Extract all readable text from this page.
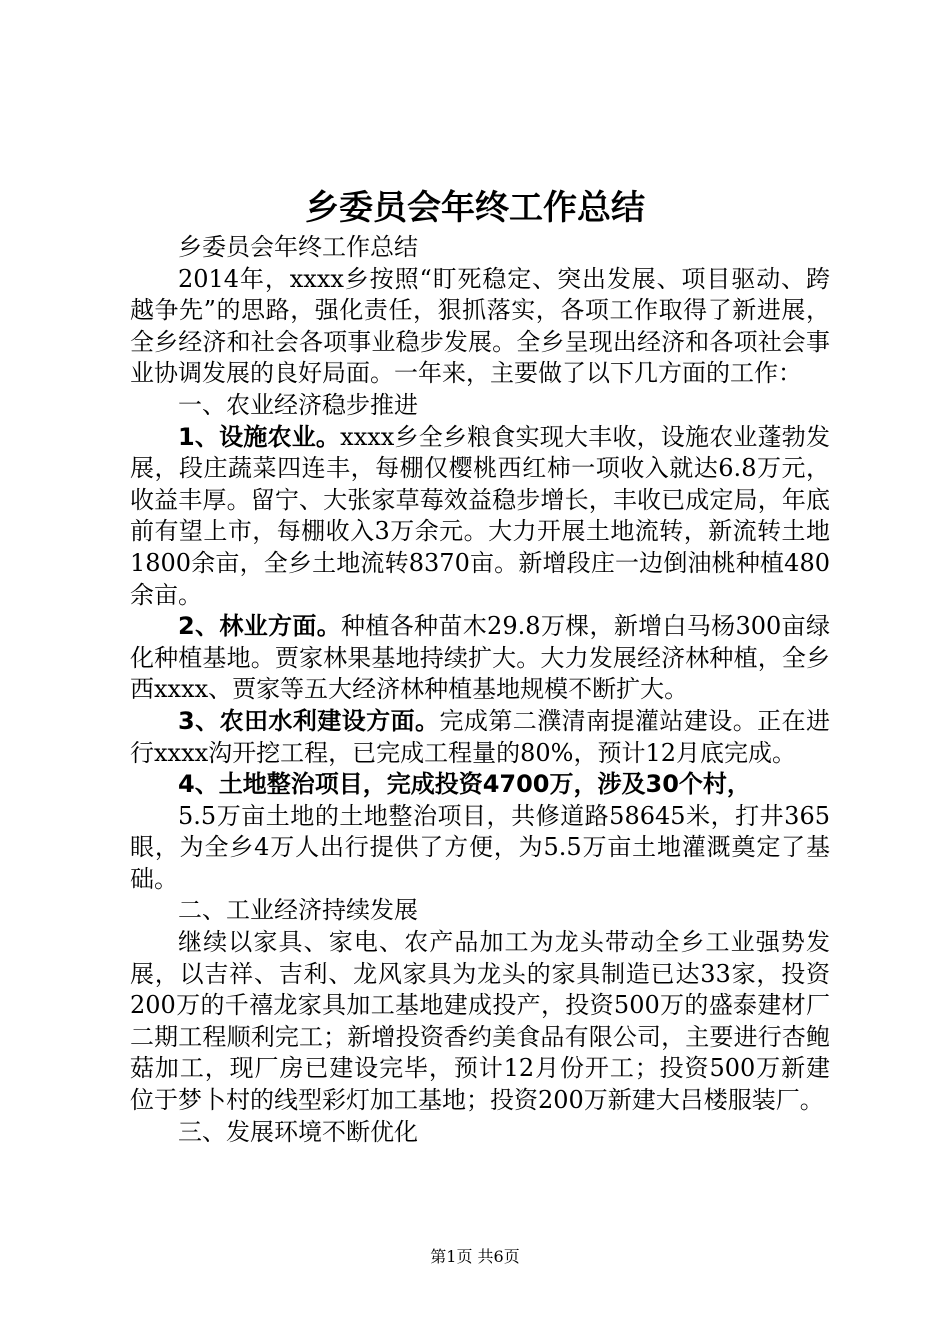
乡委员会年终工作总结

乡委员会年终工作总结

2014年，xxxx乡按照“盯死稳定、突出发展、项目驱动、跨越争先”的思路，强化责任，狠抓落实，各项工作取得了新进展，全乡经济和社会各项事业稳步发展。全乡呈现出经济和各项社会事业协调发展的良好局面。一年来，主要做了以下几方面的工作：

一、农业经济稳步推进

1、设施农业。xxxx乡全乡粮食实现大丰收，设施农业蓬勃发展，段庄蔬菜四连丰，每棚仅樱桃西红柿一项收入就达6.8万元，收益丰厚。留宁、大张家草莓效益稳步增长，丰收已成定局，年底前有望上市，每棚收入3万余元。大力开展土地流转，新流转土地1800余亩，全乡土地流转8370亩。新增段庄一边倒油桃种植480余亩。

2、林业方面。种植各种苗木29.8万棵，新增白马杨300亩绿化种植基地。贾家林果基地持续扩大。大力发展经济林种植，全乡西xxxx、贾家等五大经济林种植基地规模不断扩大。

3、农田水利建设方面。完成第二濮清南提灌站建设。正在进行xxxx沟开挖工程，已完成工程量的80%，预计12月底完成。

4、土地整治项目，完成投资4700万，涉及30个村，

5.5万亩土地的土地整治项目，共修道路58645米，打井365眼，为全乡4万人出行提供了方便，为5.5万亩土地灌溉奠定了基础。

二、工业经济持续发展

继续以家具、家电、农产品加工为龙头带动全乡工业强势发展，以吉祥、吉利、龙风家具为龙头的家具制造已达33家，投资200万的千禧龙家具加工基地建成投产，投资500万的盛泰建材厂二期工程顺利完工；新增投资香约美食品有限公司，主要进行杏鲍菇加工，现厂房已建设完毕，预计12月份开工；投资500万新建位于梦卜村的线型彩灯加工基地；投资200万新建大吕楼服装厂。

三、发展环境不断优化

第1页 共6页
